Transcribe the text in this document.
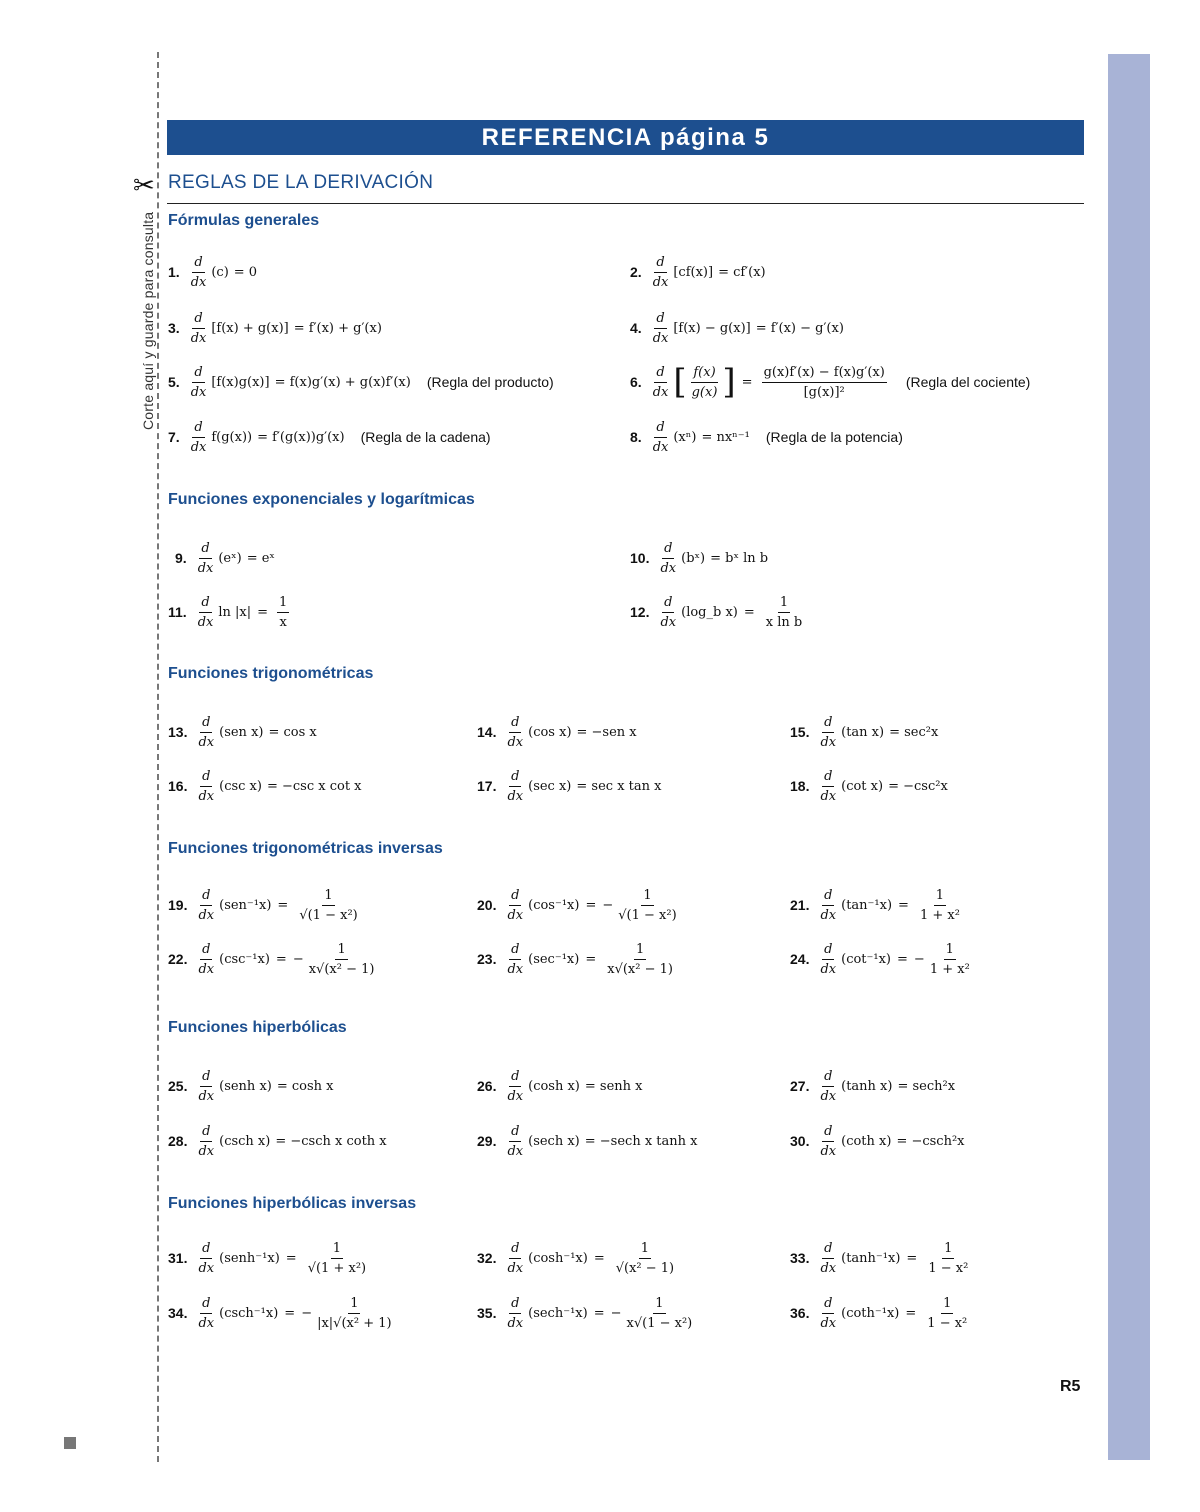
Corte aquí y guarde para consulta
✂
REFERENCIA página 5
REGLAS DE LA DERIVACIÓN
Fórmulas generales
Funciones exponenciales y logarítmicas
Funciones trigonométricas
Funciones trigonométricas inversas
Funciones hiperbólicas
Funciones hiperbólicas inversas
1. $\frac{d}{dx} (c) = 0$	2. $\frac{d}{dx} [cf(x)] = cf'(x)$
3. $\frac{d}{dx} [f(x) + g(x)] = f'(x) + g'(x)$	4. $\frac{d}{dx} [f(x) - g(x)] = f'(x) - g'(x)$
5. $\frac{d}{dx} [f(x)g(x)] = f(x)g'(x) + g(x)f'(x)$ (Regla del producto)	6. $\frac{d}{dx}$ [ $\frac{f(x)}{g(x)}$ ] = $\frac{g(x)f'(x) - f(x)g'(x)}{\text{[g(x)]²}}$ (Regla del cociente)
7. $\frac{d}{dx} f(g(x)) = f'(g(x))g'(x)$ (Regla de la cadena)	8. $\frac{d}{dx} (x^n) = nx^{n-1}$ (Regla de la potencia)
9. $\frac{d}{dx}$ (eˣ) = eˣ	10. $\frac{d}{dx}$ (bˣ) = bˣ ln b
11. $\frac{d}{dx}$ $\ln |x| = \frac{1}{x}$	12. $\frac{d}{dx}$ (log_b $x) = \frac{1}{\text{x ln b}}$
13. $\frac{d}{dx} (sen$ x) = cos x	14. $\frac{d}{dx} (\cos$ x) = −sen x	15. $\frac{d}{dx} (\tan$ x) = sec²x
16. $\frac{d}{dx} (\csc$ x) = −csc x cot x	17. $\frac{d}{dx} (\sec$ x) = sec x tan x	18. $\frac{d}{dx} (\cot$ x) = −csc²x
19. $\frac{d}{dx} (sen^{-1}x) = \frac{1}{\text{√(1 − x²)}}$	20. $\frac{d}{dx} (\cos^{-1}x)$ = − $\frac{1}{\text{√(1 − x²)}}$	21. $\frac{d}{dx} (\tan^{-1}x) = \frac{1}{\text{1 + x²}}$
22. $\frac{d}{dx} (\csc^{-1}x)$ = − $\frac{1}{\text{x√(x² − 1)}}$	23. $\frac{d}{dx} (\sec^{-1}x) = \frac{1}{\text{x√(x² − 1)}}$	24. $\frac{d}{dx} (\cot^{-1}x)$ = − $\frac{1}{\text{1 + x²}}$
25. $\frac{d}{dx}$ (senh x) = cosh x	26. $\frac{d}{dx} (\cosh$ x) = senh x	27. $\frac{d}{dx} (\tanh$ x) = sech²x
28. $\frac{d}{dx} (\csc h$ x) = −csch x coth x	29. $\frac{d}{dx} (\sec h$ x) = −sech x tanh x	30. $\frac{d}{dx} (\cot h$ x) = −csch²x
31. $\frac{d}{dx}$ (senh⁻¹x) = $\frac{1}{\text{√(1 + x²)}}$	32. $\frac{d}{dx} (\cosh^{-1}x) = \frac{1}{\text{√(x² − 1)}}$	33. $\frac{d}{dx} (\tanh^{-1}x) = \frac{1}{\text{1 − x²}}$
34. $\frac{d}{dx} (\csc h^{-1}x)$ = − $\frac{1}{\text{|x|√(x² + 1)}}$	35. $\frac{d}{dx} (\sec h^{-1}x)$ = − $\frac{1}{\text{x√(1 − x²)}}$	36. $\frac{d}{dx} (\cot h^{-1}x) = \frac{1}{\text{1 − x²}}$
R5
